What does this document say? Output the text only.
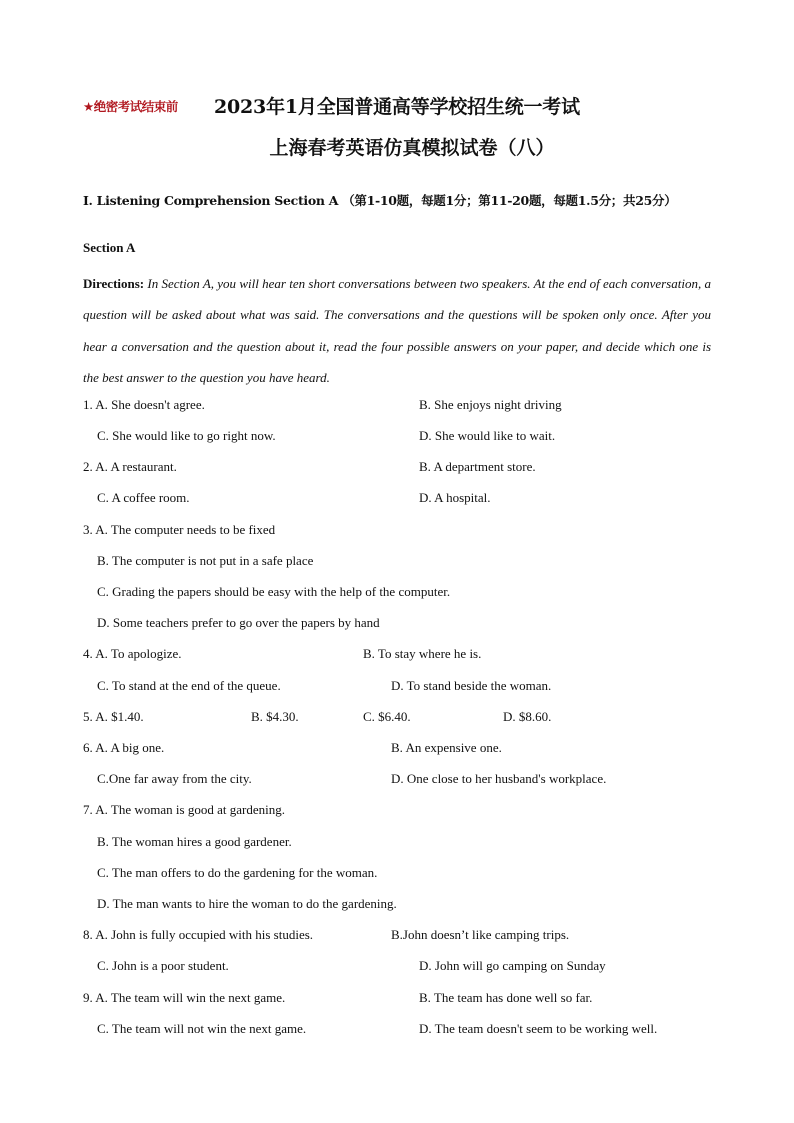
★绝密考试结束前 2023年1月全国普通高等学校招生统一考试
上海春考英语仿真模拟试卷（八）
I. Listening Comprehension Section A （第1-10题，每题1分；第11-20题，每题1.5分；共25分）
Section A
Directions: In Section A, you will hear ten short conversations between two speakers. At the end of each conversation, a question will be asked about what was said. The conversations and the questions will be spoken only once. After you hear a conversation and the question about it, read the four possible answers on your paper, and decide which one is the best answer to the question you have heard.
1. A. She doesn't agree.	B. She enjoys night driving
C. She would like to go right now.	D. She would like to wait.
2. A. A restaurant.	B. A department store.
C. A coffee room.	D. A hospital.
3. A. The computer needs to be fixed
B. The computer is not put in a safe place
C. Grading the papers should be easy with the help of the computer.
D. Some teachers prefer to go over the papers by hand
4. A. To apologize.	B. To stay where he is.
C. To stand at the end of the queue.	D. To stand beside the woman.
5. A. $1.40.	B. $4.30.	C. $6.40.	D. $8.60.
6. A. A big one.	B. An expensive one.
C.One far away from the city.	D. One close to her husband's workplace.
7. A. The woman is good at gardening.
B. The woman hires a good gardener.
C. The man offers to do the gardening for the woman.
D. The man wants to hire the woman to do the gardening.
8. A. John is fully occupied with his studies.	B.John doesn’t like camping trips.
C. John is a poor student.	D. John will go camping on Sunday
9. A. The team will win the next game.	B. The team has done well so far.
C. The team will not win the next game.	D. The team doesn't seem to be working well.
